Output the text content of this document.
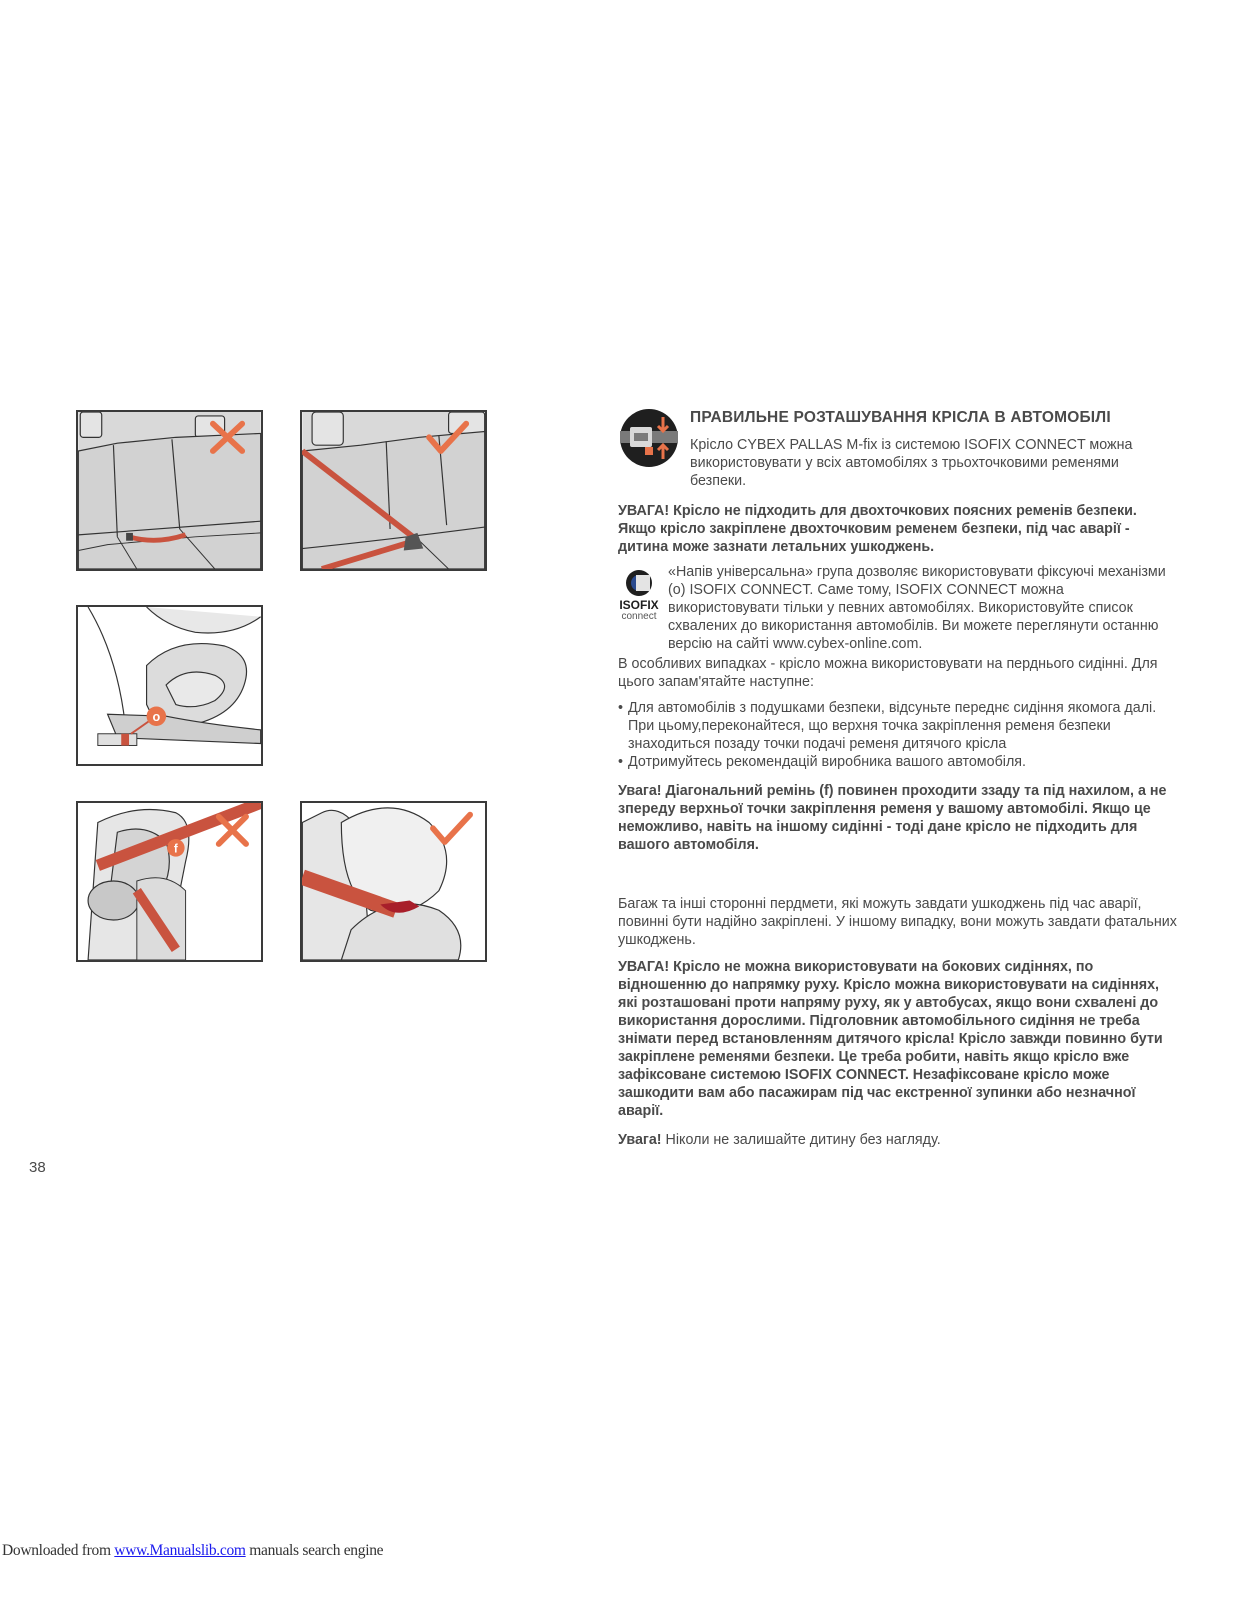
o
f
ПРАВИЛЬНЕ РОЗТАШУВАННЯ КРІСЛА В АВТОМОБІЛІ
Крісло CYBEX PALLAS M-fix із системою ISOFIX CONNECT можна використовувати у всіх автомобілях з трьохточковими ременями безпеки.
УВАГА! Крісло не підходить для двохточкових поясних ременів безпеки. Якщо крісло закріплене двохточковим ременем безпеки, під час аварії - дитина може зазнати летальних ушкоджень.
ISOFIX
connect

«Напів універсальна» група дозволяє використовувати фіксуючі механізми (о) ISOFIX CONNECT. Саме тому, ISOFIX CONNECT можна використовувати тільки у певних автомобілях. Використовуйте список схвалених до використання автомобілів. Ви можете переглянути останню версію на сайті www.cybex-online.com.

В особливих випадках - крісло можна використовувати на перднього сидінні. Для цього запам'ятайте наступне:
• Для автомобілів з подушками безпеки, відсуньте переднє сидіння якомога далі. При цьому,переконайтеся, що верхня точка закріплення ременя безпеки знаходиться позаду точки подачі ременя дитячого крісла
• Дотримуйтесь рекомендацій виробника вашого автомобіля.
Увага! Діагональний ремінь (f) повинен проходити ззаду та під нахилом, а не зпереду верхньої точки закріплення ременя у вашому автомобілі. Якщо це неможливо, навіть на іншому сидінні - тоді дане крісло не підходить для вашого автомобіля.
Багаж та інші сторонні пердмети, які можуть завдати ушкоджень під час аварії, повинні бути надійно закріплені. У іншому випадку, вони можуть завдати фатальних ушкоджень.
УВАГА! Крісло не можна використовувати на бокових сидіннях, по відношенню до напрямку руху. Крісло можна використовувати на сидіннях, які розташовані проти напряму руху, як у автобусах, якщо вони схвалені до використання дорослими. Підголовник автомобільного сидіння не треба знімати перед встановленням дитячого крісла! Крісло завжди повинно бути закріплене ременями безпеки. Це треба робити, навіть якщо крісло вже зафіксоване системою ISOFIX CONNECT. Незафіксоване крісло може зашкодити вам або пасажирам під час екстренної зупинки або незначної аварії.
Увага! Ніколи не залишайте дитину без нагляду.
38
Downloaded from www.Manualslib.com manuals search engine
